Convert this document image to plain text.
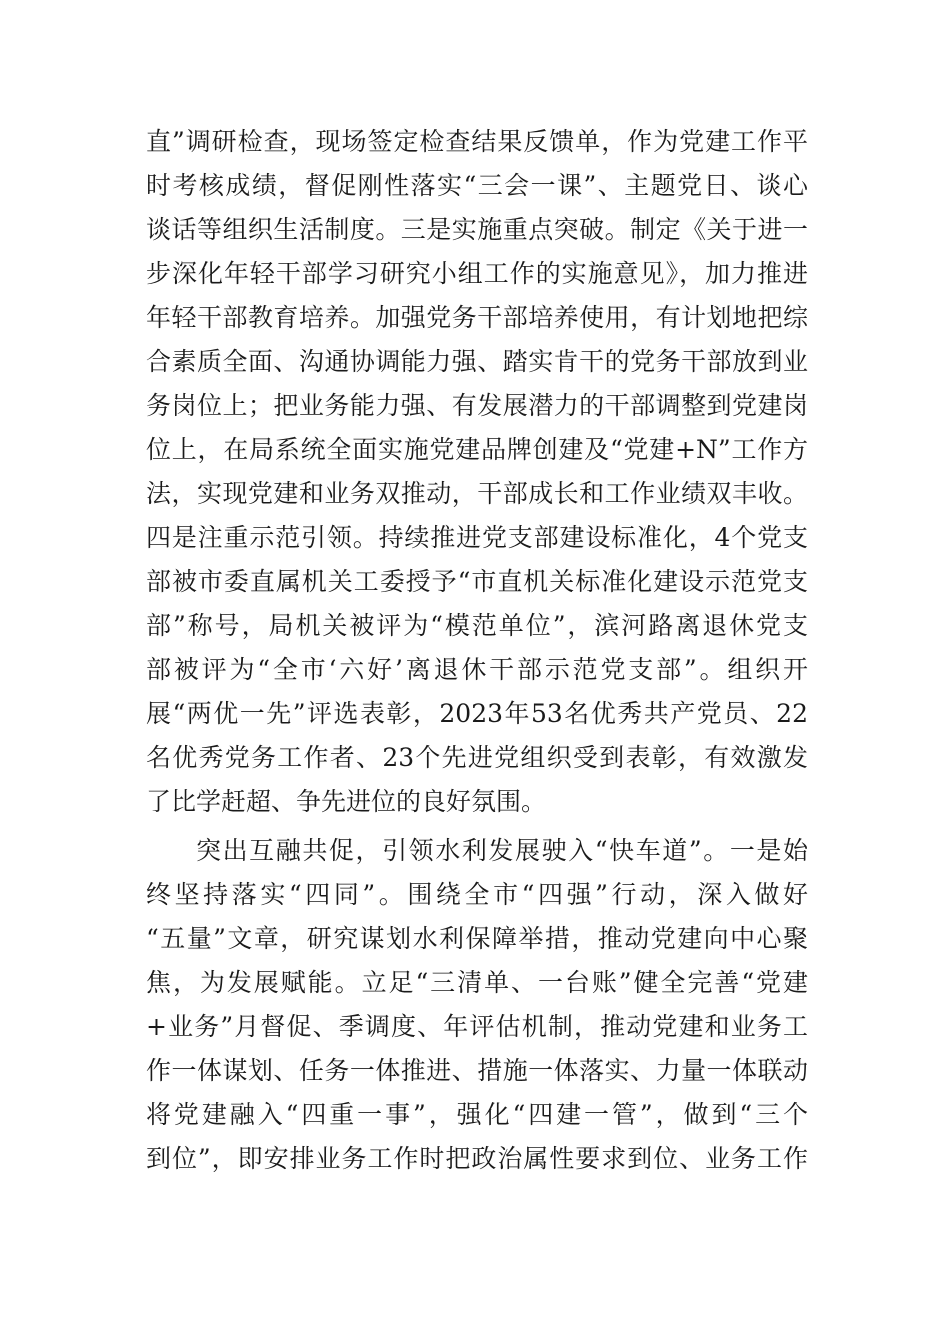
直”调研检查，现场签定检查结果反馈单，作为党建工作平
时考核成绩，督促刚性落实“三会一课”、主题党日、谈心
谈话等组织生活制度。三是实施重点突破。制定《关于进一
步深化年轻干部学习研究小组工作的实施意见》，加力推进
年轻干部教育培养。加强党务干部培养使用，有计划地把综
合素质全面、沟通协调能力强、踏实肯干的党务干部放到业
务岗位上；把业务能力强、有发展潜力的干部调整到党建岗
位上，在局系统全面实施党建品牌创建及“党建+N”工作方
法，实现党建和业务双推动，干部成长和工作业绩双丰收。
四是注重示范引领。持续推进党支部建设标准化，4个党支
部被市委直属机关工委授予“市直机关标准化建设示范党支
部”称号，局机关被评为“模范单位”，滨河路离退休党支
部被评为“全市‘六好’离退休干部示范党支部”。组织开
展“两优一先”评选表彰，2023年53名优秀共产党员、22
名优秀党务工作者、23个先进党组织受到表彰，有效激发
了比学赶超、争先进位的良好氛围。
突出互融共促，引领水利发展驶入“快车道”。一是始
终坚持落实“四同”。围绕全市“四强”行动，深入做好
“五量”文章，研究谋划水利保障举措，推动党建向中心聚
焦，为发展赋能。立足“三清单、一台账”健全完善“党建
+业务”月督促、季调度、年评估机制，推动党建和业务工
作一体谋划、任务一体推进、措施一体落实、力量一体联动
将党建融入“四重一事”，强化“四建一管”，做到“三个
到位”，即安排业务工作时把政治属性要求到位、业务工作
